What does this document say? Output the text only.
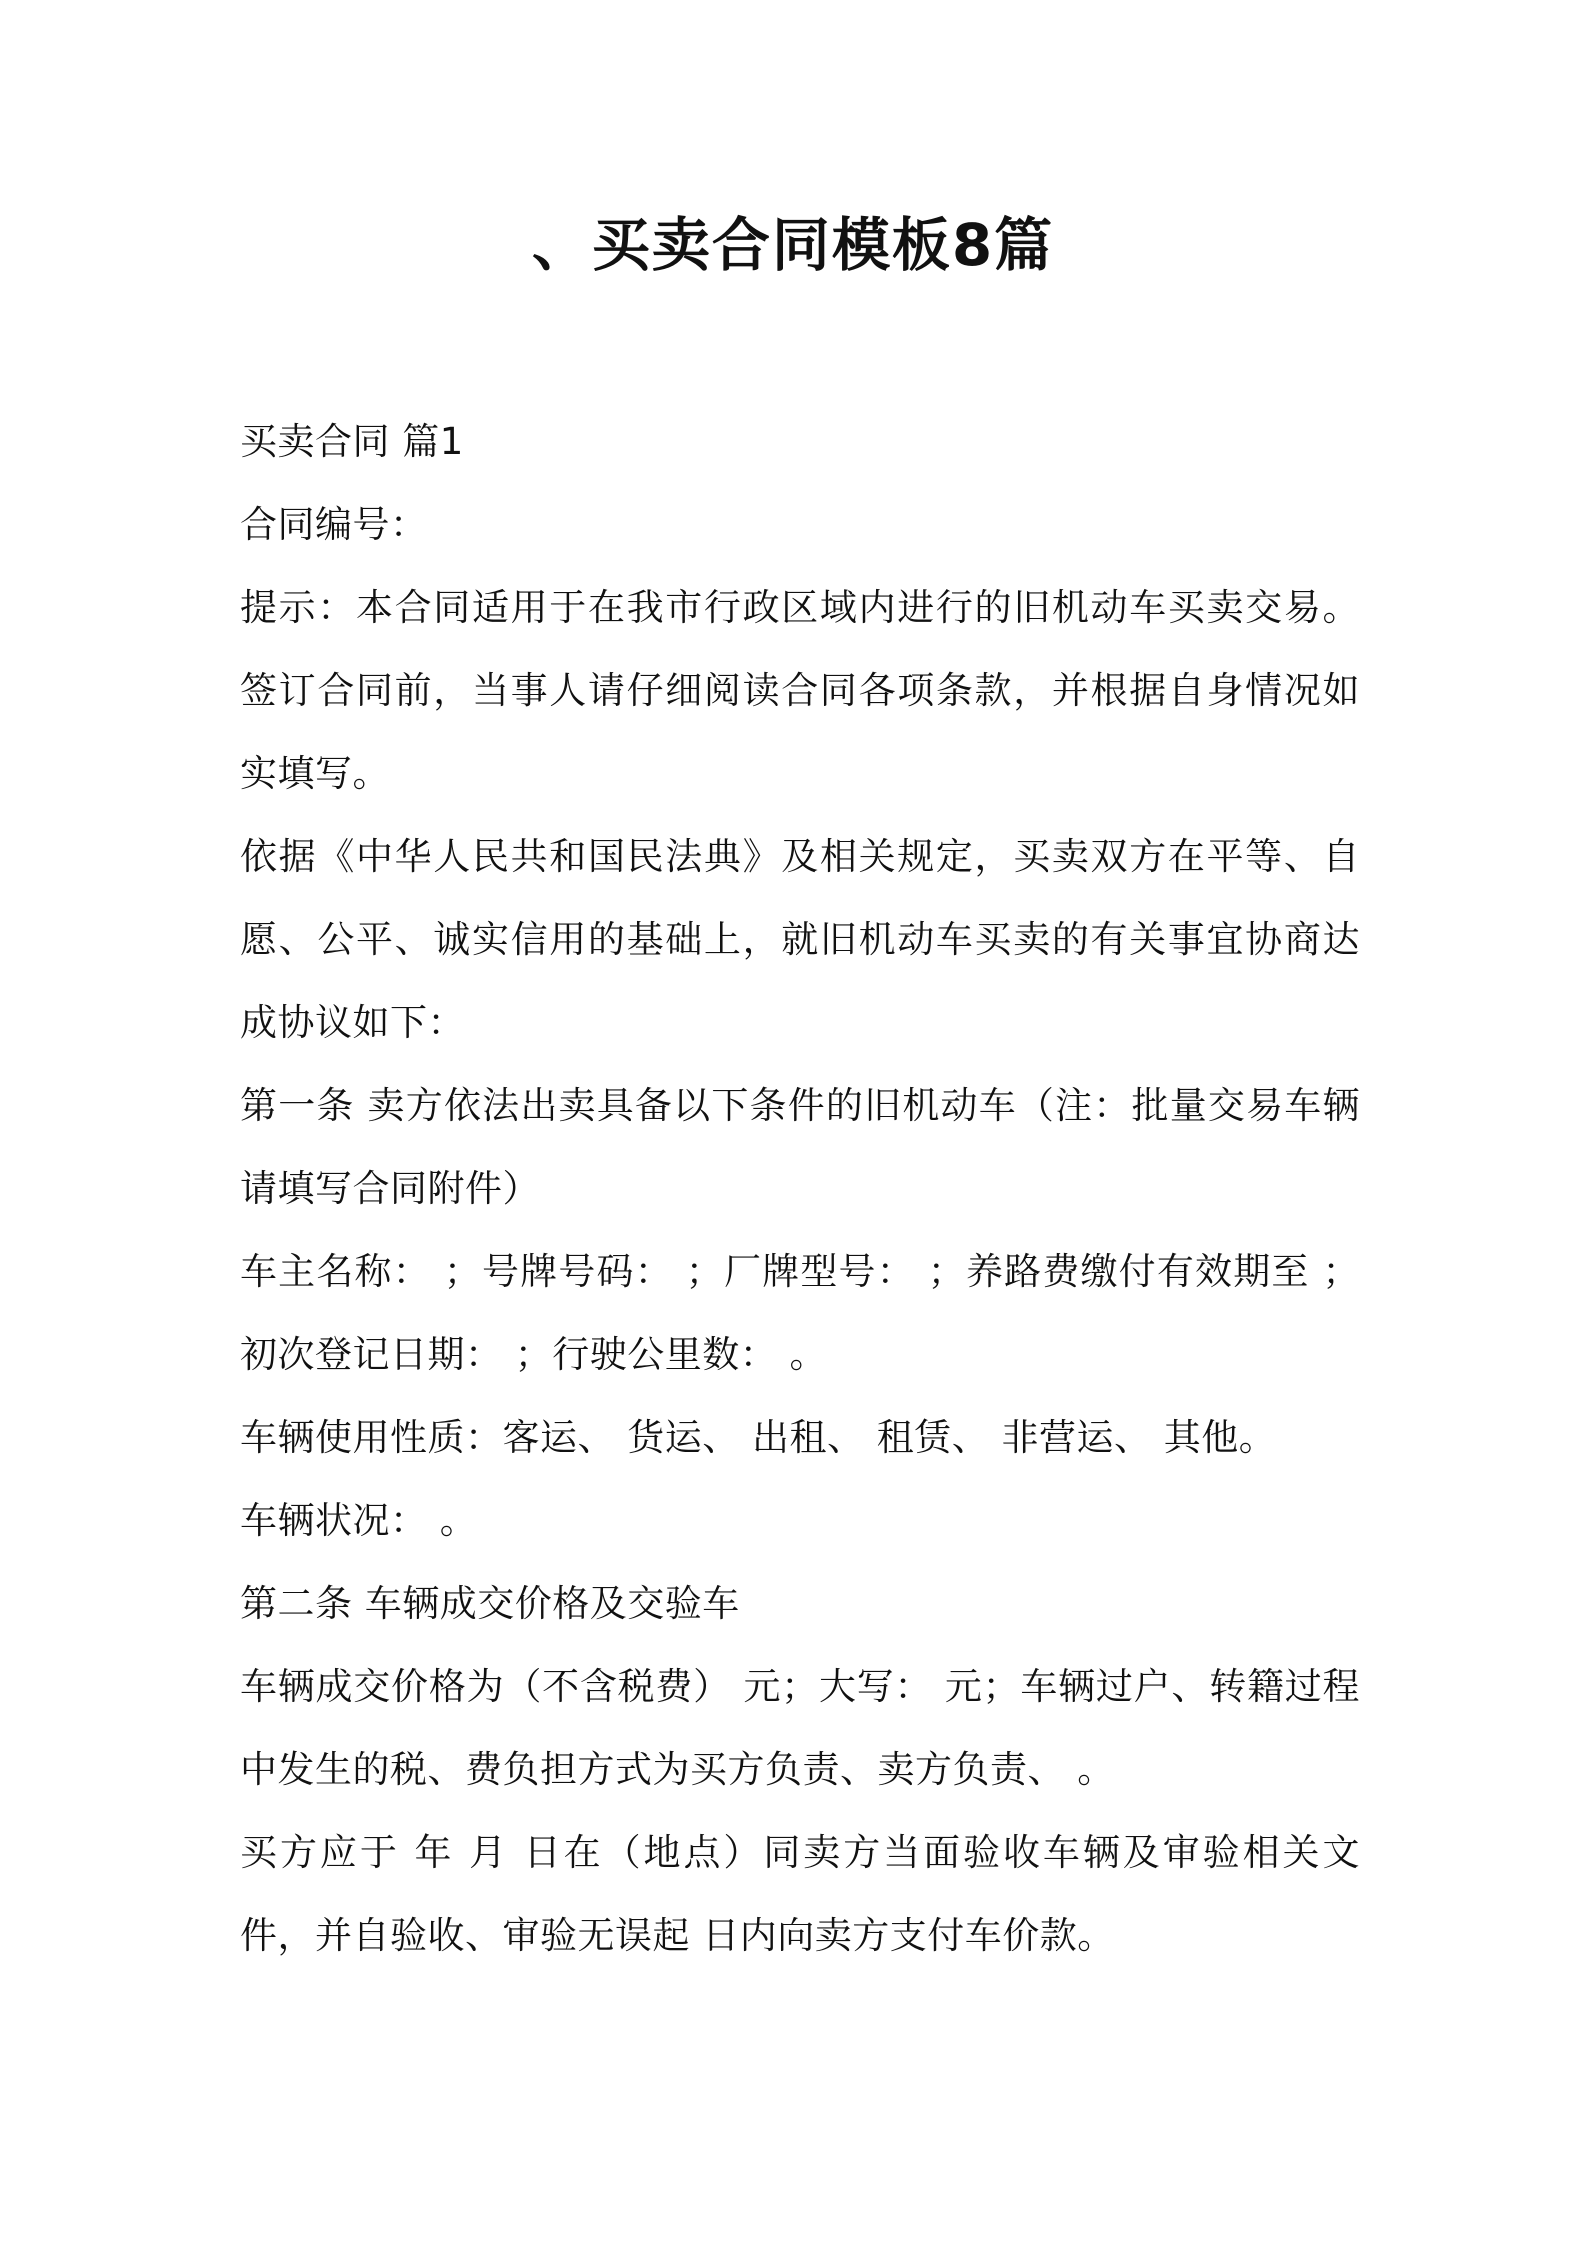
、买卖合同模板8篇

买卖合同 篇1

合同编号：

提示：本合同适用于在我市行政区域内进行的旧机动车买卖交易。签订合同前，当事人请仔细阅读合同各项条款，并根据自身情况如实填写。

依据《中华人民共和国民法典》及相关规定，买卖双方在平等、自愿、公平、诚实信用的基础上，就旧机动车买卖的有关事宜协商达成协议如下：

第一条 卖方依法出卖具备以下条件的旧机动车（注：批量交易车辆请填写合同附件）

车主名称： ；号牌号码： ；厂牌型号： ；养路费缴付有效期至 ；初次登记日期： ；行驶公里数： 。

车辆使用性质：客运、 货运、 出租、 租赁、 非营运、 其他。

车辆状况： 。

第二条 车辆成交价格及交验车

车辆成交价格为（不含税费） 元；大写： 元；车辆过户、转籍过程中发生的税、费负担方式为买方负责、卖方负责、 。

买方应于 年 月 日在（地点）同卖方当面验收车辆及审验相关文件，并自验收、审验无误起 日内向卖方支付车价款。
